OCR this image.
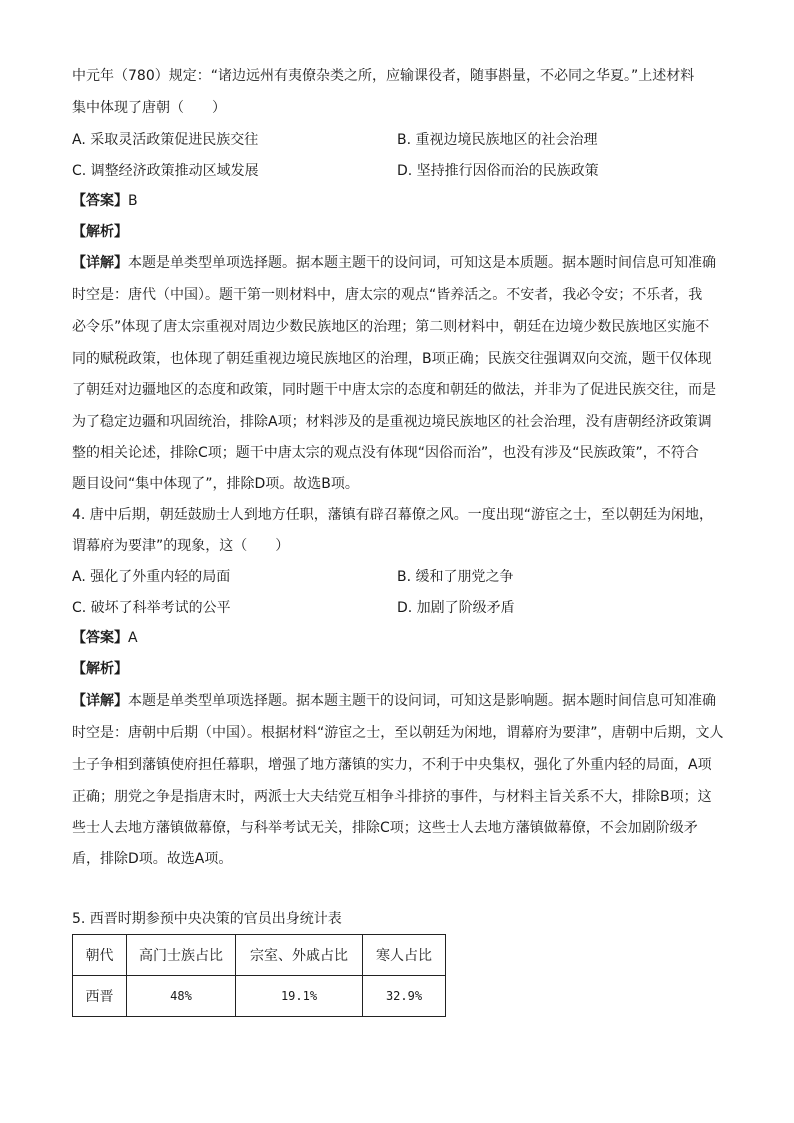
中元年（780）规定：“诸边远州有夷僚杂类之所，应输课役者，随事斟量，不必同之华夏。”上述材料
集中体现了唐朝（　　）
A. 采取灵活政策促进民族交往	B. 重视边境民族地区的社会治理
C. 调整经济政策推动区域发展	D. 坚持推行因俗而治的民族政策
【答案】B
【解析】
【详解】本题是单类型单项选择题。据本题主题干的设问词，可知这是本质题。据本题时间信息可知准确
时空是：唐代（中国）。题干第一则材料中，唐太宗的观点“皆养活之。不安者，我必令安；不乐者，我
必令乐”体现了唐太宗重视对周边少数民族地区的治理；第二则材料中，朝廷在边境少数民族地区实施不
同的赋税政策，也体现了朝廷重视边境民族地区的治理，B项正确；民族交往强调双向交流，题干仅体现
了朝廷对边疆地区的态度和政策，同时题干中唐太宗的态度和朝廷的做法，并非为了促进民族交往，而是
为了稳定边疆和巩固统治，排除A项；材料涉及的是重视边境民族地区的社会治理，没有唐朝经济政策调
整的相关论述，排除C项；题干中唐太宗的观点没有体现“因俗而治”，也没有涉及“民族政策”，不符合
题目设问“集中体现了”，排除D项。故选B项。
4. 唐中后期，朝廷鼓励士人到地方任职，藩镇有辟召幕僚之风。一度出现“游宦之士，至以朝廷为闲地，
谓幕府为要津”的现象，这（　　）
A. 强化了外重内轻的局面	B. 缓和了朋党之争
C. 破坏了科举考试的公平	D. 加剧了阶级矛盾
【答案】A
【解析】
【详解】本题是单类型单项选择题。据本题主题干的设问词，可知这是影响题。据本题时间信息可知准确
时空是：唐朝中后期（中国）。根据材料“游宦之士，至以朝廷为闲地，谓幕府为要津”，唐朝中后期，文人
士子争相到藩镇使府担任幕职，增强了地方藩镇的实力，不利于中央集权，强化了外重内轻的局面，A项
正确；朋党之争是指唐末时，两派士大夫结党互相争斗排挤的事件，与材料主旨关系不大，排除B项；这
些士人去地方藩镇做幕僚，与科举考试无关，排除C项；这些士人去地方藩镇做幕僚，不会加剧阶级矛
盾，排除D项。故选A项。
5. 西晋时期参预中央决策的官员出身统计表
朝代	高门士族占比	宗室、外戚占比	寒人占比
西晋	48%	19.1%	32.9%
